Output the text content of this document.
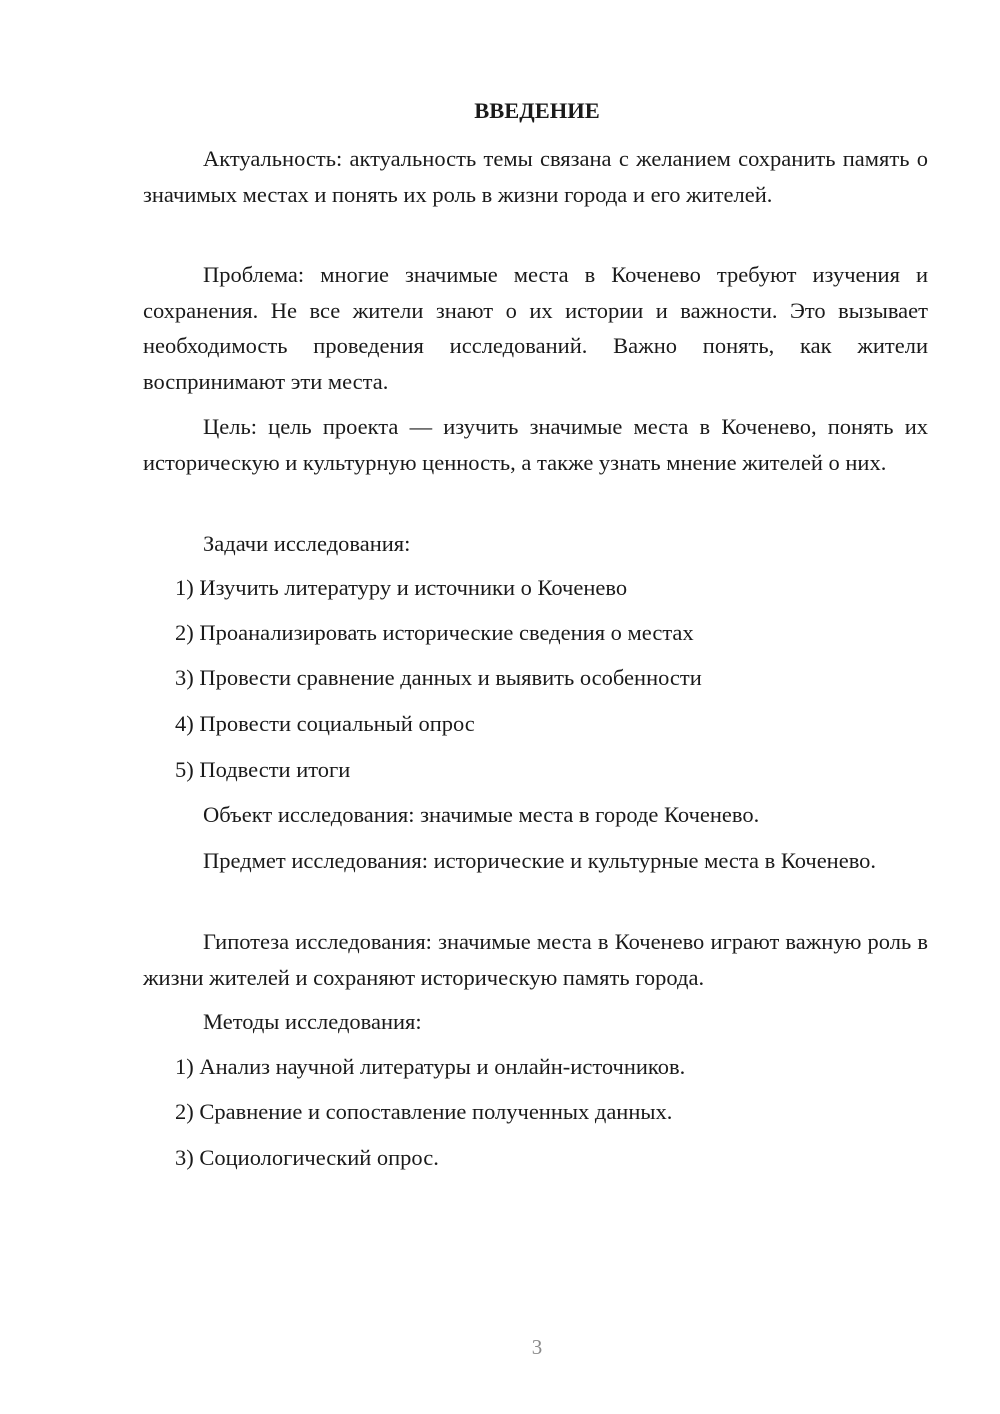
ВВЕДЕНИЕ

Актуальность: актуальность темы связана с желанием сохранить память о значимых местах и понять их роль в жизни города и его жителей.

Проблема: многие значимые места в Коченево требуют изучения и сохранения. Не все жители знают о их истории и важности. Это вызывает необходимость проведения исследований. Важно понять, как жители воспринимают эти места.

Цель: цель проекта — изучить значимые места в Коченево, понять их историческую и культурную ценность, а также узнать мнение жителей о них.

Задачи исследования:

1) Изучить литературу и источники о Коченево

2) Проанализировать исторические сведения о местах

3) Провести сравнение данных и выявить особенности

4) Провести социальный опрос

5) Подвести итоги

Объект исследования: значимые места в городе Коченево.

Предмет исследования: исторические и культурные места в Коченево.

Гипотеза исследования: значимые места в Коченево играют важную роль в жизни жителей и сохраняют историческую память города.

Методы исследования:

1) Анализ научной литературы и онлайн-источников.

2) Сравнение и сопоставление полученных данных.

3) Социологический опрос.

3
